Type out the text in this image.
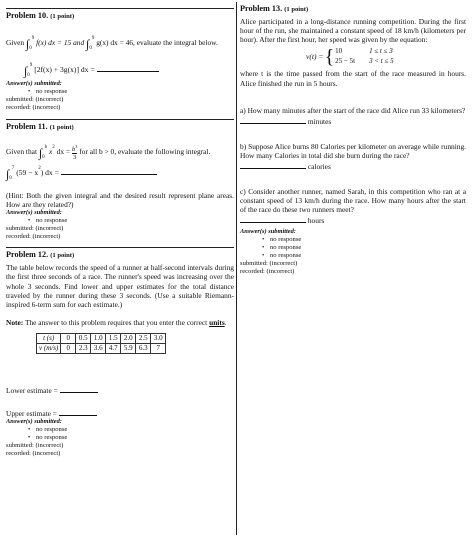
Problem 10. (1 point)
Given $\int_0^9$ f(x) dx = 15 and $\int_0^9$ g(x) dx = 46, evaluate the integral below.
$\int_0^9$ [2f(x) + 3g(x)] dx =
Answer(s) submitted:
• no response
submitted: (incorrect)
recorded: (incorrect)
Problem 11. (1 point)
Given that $\int_0^b$ $x^2$ dx = $\frac{b^3}{3}$ for all b > 0, evaluate the following integral.
$\int_0^7$ $(59 - x^2)$ dx =
(Hint: Both the given integral and the desired result represent plane areas. How are they related?)
Answer(s) submitted:
• no response
submitted: (incorrect)
recorded: (incorrect)
Problem 12. (1 point)
The table below records the speed of a runner at half-second intervals during the first three seconds of a race. The runner's speed was increasing over the whole 3 seconds. Find lower and upper estimates for the total distance traveled by the runner during these 3 seconds. (Use a suitable Riemann-inspired 6-term sum for each estimate.)
Note: The answer to this problem requires that you enter the correct units.
t (s)	0	0.5	1.0	1.5	2.0	2.5	3.0
v (m/s)	0	2.3	3.6	4.7	5.9	6.3	7
Lower estimate =
Upper estimate =
Answer(s) submitted:
• no response
• no response
submitted: (incorrect)
recorded: (incorrect)
Problem 13. (1 point)
Alice participated in a long-distance running competition. During the first hour of the run, she maintained a constant speed of 18 km/h (kilometers per hour). After the first hour, her speed was given by the equation:
v(t) = { 10	1 ≤ t ≤ 3
25 − 5t 3 < t ≤ 5
where t is the time passed from the start of the race measured in hours. Alice finished the run in 5 hours.
a) How many minutes after the start of the race did Alice run 33 kilometers?
minutes
b) Suppose Alice burns 80 Calories per kilometer on average while running. How many Calories in total did she burn during the race?
calories
c) Consider another runner, named Sarah, in this competition who ran at a constant speed of 13 km/h during the race. How many hours after the start of the race do these two runners meet?
hours
Answer(s) submitted:
• no response
• no response
• no response
submitted: (incorrect)
recorded: (incorrect)
